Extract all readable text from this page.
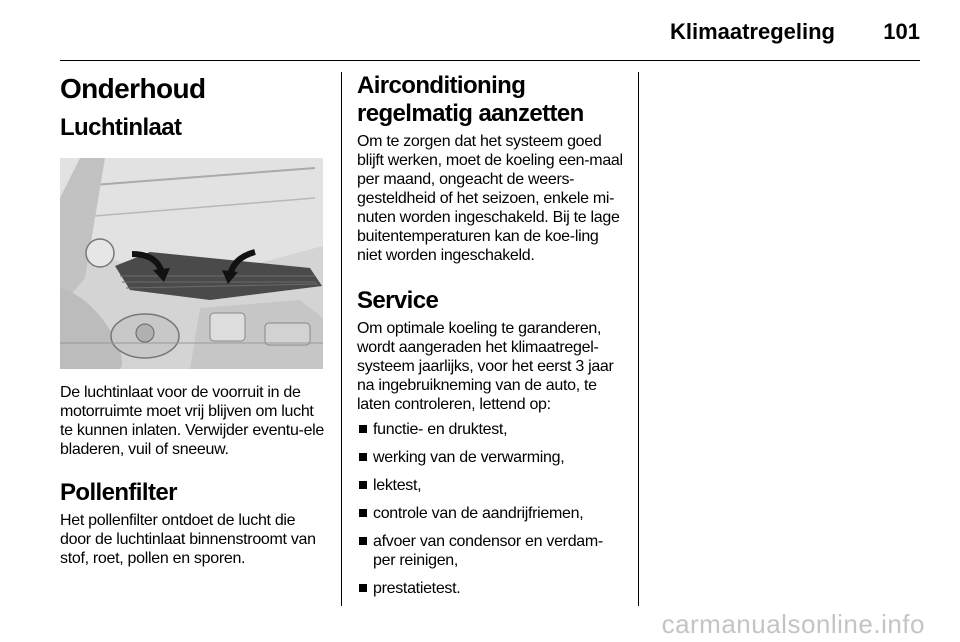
Klimaatregeling	101
Onderhoud
Luchtinlaat

De luchtinlaat voor de voorruit in de motorruimte moet vrij blijven om lucht te kunnen inlaten. Verwijder eventu-ele bladeren, vuil of sneeuw.

Pollenfilter

Het pollenfilter ontdoet de lucht die door de luchtinlaat binnenstroomt van stof, roet, pollen en sporen.

Airconditioning regelmatig aanzetten

Om te zorgen dat het systeem goed blijft werken, moet de koeling een-maal per maand, ongeacht de weers-gesteldheid of het seizoen, enkele mi-nuten worden ingeschakeld. Bij te lage buitentemperaturen kan de koe-ling niet worden ingeschakeld.

Service

Om optimale koeling te garanderen, wordt aangeraden het klimaatregel-systeem jaarlijks, voor het eerst 3 jaar na ingebruikneming van de auto, te laten controleren, lettend op:

functie- en druktest,
werking van de verwarming,
lektest,
controle van de aandrijfriemen,
afvoer van condensor en verdam-per reinigen,
prestatietest.
carmanualsonline.info
